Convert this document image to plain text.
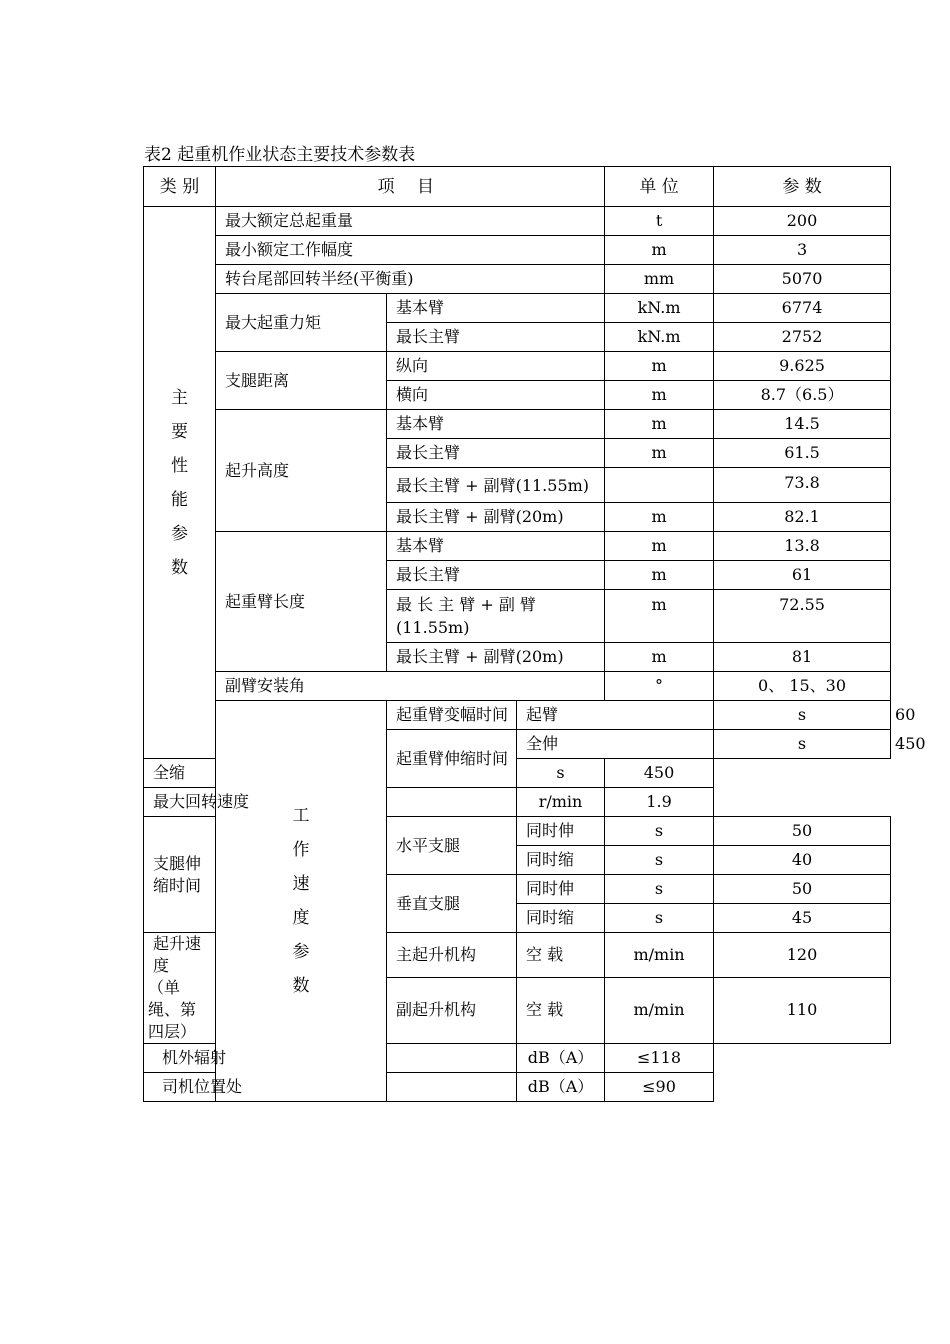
表2 起重机作业状态主要技术参数表
类 别	项 目			单 位	参 数	

主要性能参数	最大额定总起重量			t	200	
	最小额定工作幅度			m	3	
	转台尾部回转半经(平衡重)			mm	5070	
	最大起重力矩	基本臂		kN.m	6774	
		最长主臂		kN.m	2752	
	支腿距离	纵向		m	9.625	
		横向		m	8.7（6.5）	
	起升高度	基本臂		m	14.5	
		最长主臂		m	61.5	
		最长主臂 + 副臂(11.55m)			73.8	
		最长主臂 + 副臂(20m)		m	82.1	
	起重臂长度	基本臂		m	13.8	
		最长主臂		m	61	
		最 长 主 臂 + 副 臂(11.55m)		m	72.55	
		最长主臂 + 副臂(20m)		m	81	
	副臂安装角			°	0、 15、30	

	工作速度参数	起重臂变幅时间	起臂		s	60
		起重臂伸缩时间	全伸		s	450
全缩			s	450		
最大回转速度			r/min	1.9		
支腿伸缩时间		水平支腿	同时伸	s	50	
			同时缩	s	40	
		垂直支腿	同时伸	s	50	
			同时缩	s	45	
起升速度		主起升机构	空 载	m/min	120	
（单 绳、第四层）		副起升机构	空 载	m/min	110	
机外辐射			dB（A）	≤118		
司机位置处			dB（A）	≤90		
